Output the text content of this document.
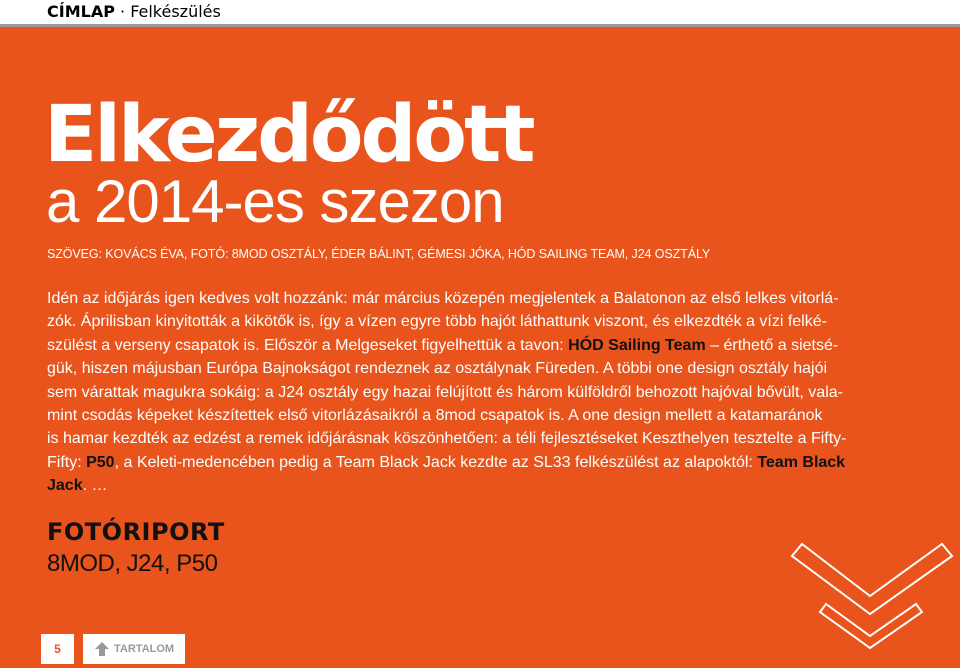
CÍMLAP · Felkészülés
Elkezdődött
a 2014-es szezon
SZÖVEG: KOVÁCS ÉVA, FOTÓ: 8MOD OSZTÁLY, ÉDER BÁLINT, GÉMESI JÓKA, HÓD SAILING TEAM, J24 OSZTÁLY
Idén az időjárás igen kedves volt hozzánk: már március közepén megjelentek a Balatonon az első lelkes vitorlá-
zók. Áprilisban kinyitották a kikötők is, így a vízen egyre több hajót láthattunk viszont, és elkezdték a vízi felké-
szülést a verseny csapatok is. Először a Melgeseket figyelhettük a tavon: HÓD Sailing Team – érthető a sietsé-
gük, hiszen májusban Európa Bajnokságot rendeznek az osztálynak Füreden. A többi one design osztály hajói
sem várattak magukra sokáig: a J24 osztály egy hazai felújított és három külföldről behozott hajóval bővült, vala-
mint csodás képeket készítettek első vitorlázásaikról a 8mod csapatok is. A one design mellett a katamaránok
is hamar kezdték az edzést a remek időjárásnak köszönhetően: a téli fejlesztéseket Keszthelyen tesztelte a Fifty-
Fifty: P50, a Keleti-medencében pedig a Team Black Jack kezdte az SL33 felkészülést az alapoktól: Team Black
Jack. …
FOTÓRIPORT
8MOD, J24, P50
5	TARTALOM
